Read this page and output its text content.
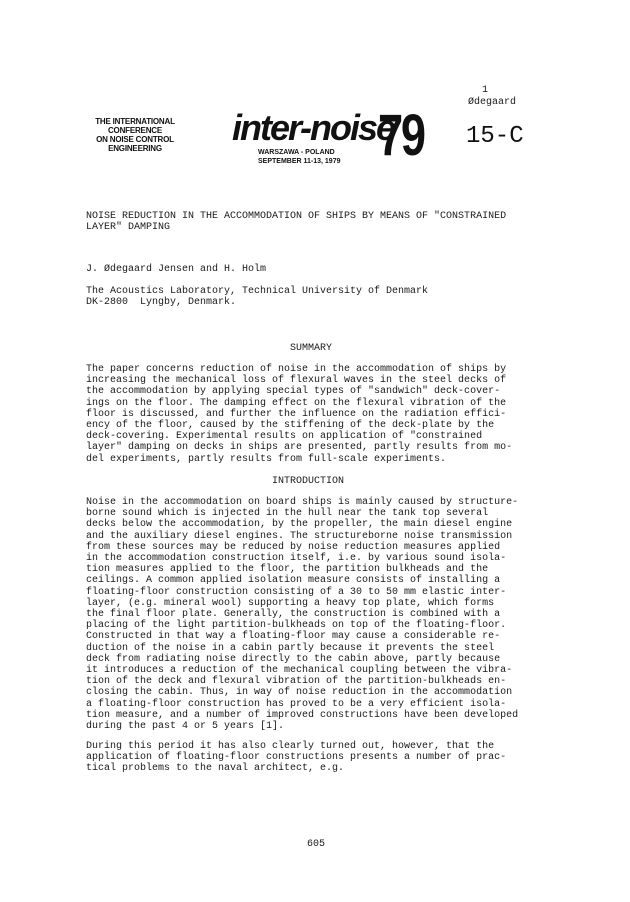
1
Ødegaard
THE INTERNATIONAL
CONFERENCE
ON NOISE CONTROL
ENGINEERING
inter-noise
WARSZAWA - POLAND
SEPTEMBER 11-13, 1979 79 15-C
NOISE REDUCTION IN THE ACCOMMODATION OF SHIPS BY MEANS OF "CONSTRAINED
LAYER" DAMPING
J. Ødegaard Jensen and H. Holm
The Acoustics Laboratory, Technical University of Denmark
DK-2800  Lyngby, Denmark.
SUMMARY
The paper concerns reduction of noise in the accommodation of ships by
increasing the mechanical loss of flexural waves in the steel decks of
the accommodation by applying special types of "sandwich" deck-cover-
ings on the floor. The damping effect on the flexural vibration of the
floor is discussed, and further the influence on the radiation effici-
ency of the floor, caused by the stiffening of the deck-plate by the
deck-covering. Experimental results on application of "constrained
layer" damping on decks in ships are presented, partly results from mo-
del experiments, partly results from full-scale experiments.
INTRODUCTION
Noise in the accommodation on board ships is mainly caused by structure-
borne sound which is injected in the hull near the tank top several
decks below the accommodation, by the propeller, the main diesel engine
and the auxiliary diesel engines. The structureborne noise transmission
from these sources may be reduced by noise reduction measures applied
in the accommodation construction itself, i.e. by various sound isola-
tion measures applied to the floor, the partition bulkheads and the
ceilings. A common applied isolation measure consists of installing a
floating-floor construction consisting of a 30 to 50 mm elastic inter-
layer, (e.g. mineral wool) supporting a heavy top plate, which forms
the final floor plate. Generally, the construction is combined with a
placing of the light partition-bulkheads on top of the floating-floor.
Constructed in that way a floating-floor may cause a considerable re-
duction of the noise in a cabin partly because it prevents the steel
deck from radiating noise directly to the cabin above, partly because
it introduces a reduction of the mechanical coupling between the vibra-
tion of the deck and flexural vibration of the partition-bulkheads en-
closing the cabin. Thus, in way of noise reduction in the accommodation
a floating-floor construction has proved to be a very efficient isola-
tion measure, and a number of improved constructions have been developed
during the past 4 or 5 years [1].
During this period it has also clearly turned out, however, that the
application of floating-floor constructions presents a number of prac-
tical problems to the naval architect, e.g.
605
